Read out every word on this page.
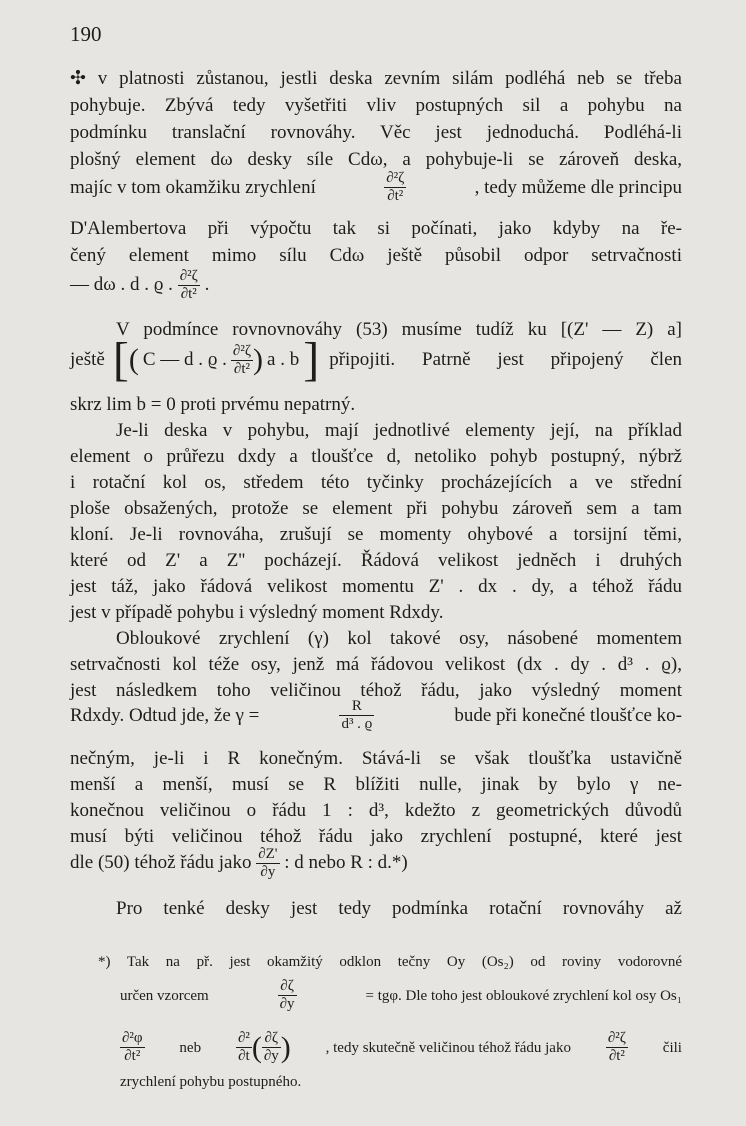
190
✣ v platnosti zůstanou, jestli deska zevním silám podléhá neb se třeba
pohybuje. Zbývá tedy vyšetřiti vliv postupných sil a pohybu na
podmínku translační rovnováhy. Věc jest jednoduchá. Podléhá-li
plošný element dω desky síle Cdω, a pohybuje-li se zároveň deska,
majíc v tom okamžiku zrychlení	$\frac{\text{∂²ζ}}{\text{∂t²}}$	, tedy můžeme dle principu
D'Alembertova při výpočtu tak si počínati, jako kdyby na ře-
čený element mimo sílu Cdω ještě působil odpor setrvačnosti
— dω . d . ϱ . $\frac{\text{∂²ζ}}{\text{∂t²}}$ .
V podmínce rovnovnováhy (53) musíme tudíž ku [(Z' — Z) a]
ještě [ ( C — d . ϱ . $\frac{\text{∂²ζ}}{\text{∂t²}}$ ) a . b ] připojiti. Patrně jest připojený člen
skrz lim b = 0 proti prvému nepatrný.
Je-li deska v pohybu, mají jednotlivé elementy její, na příklad
element o průřezu dxdy a tloušťce d, netoliko pohyb postupný, nýbrž
i rotační kol os, středem této tyčinky procházejících a ve střední
ploše obsažených, protože se element při pohybu zároveň sem a tam
kloní. Je-li rovnováha, zrušují se momenty ohybové a torsijní těmi,
které od Z' a Z'' pocházejí. Řádová velikost jedněch i druhých
jest táž, jako řádová velikost momentu Z' . dx . dy, a téhož řádu
jest v případě pohybu i výsledný moment Rdxdy.
Obloukové zrychlení (γ) kol takové osy, násobené momentem
setrvačnosti kol téže osy, jenž má řádovou velikost (dx . dy . d³ . ϱ),
jest následkem toho veličinou téhož řádu, jako výsledný moment
Rdxdy. Odtud jde, že γ =	$\frac{R}{\text{d³ . ϱ}}$	bude při konečné tloušťce ko-
nečným, je-li i R konečným. Stává-li se však tloušťka ustavičně
menší a menší, musí se R blížiti nulle, jinak by bylo γ ne-
konečnou veličinou o řádu 1 : d³, kdežto z geometrických důvodů
musí býti veličinou téhož řádu jako zrychlení postupné, které jest
dle (50) téhož řádu jako $\frac{\partial Z'}{\partial y}$ : d nebo R : d.*)
Pro tenké desky jest tedy podmínka rotační rovnováhy až
*) Tak na př. jest okamžitý odklon tečny Oy (Os₂) od roviny vodorovné
určen vzorcem	$\frac{\partial\zeta}{\partial y}$	= tgφ. Dle toho jest obloukové zrychlení kol osy Os₁
$\frac{\text{∂²φ}}{\text{∂t²}}$ neb $\frac{\text{∂²}}{\partial t}$ ( $\frac{\partial\zeta}{\partial y}$ ) , tedy skutečně veličinou téhož řádu jako $\frac{\text{∂²ζ}}{\text{∂t²}}$ čili
zrychlení pohybu postupného.
